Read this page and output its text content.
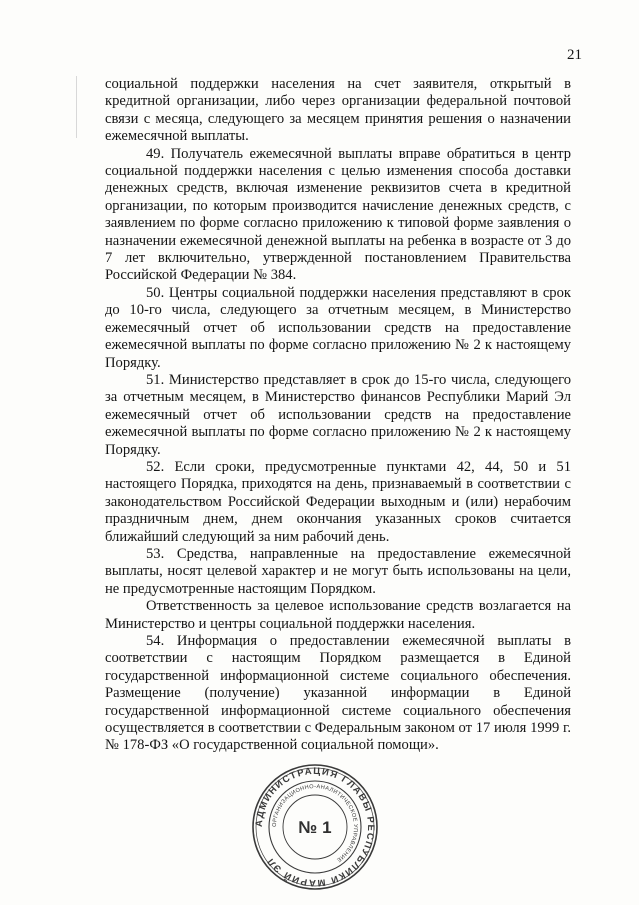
21

социальной поддержки населения на счет заявителя, открытый в кредитной организации, либо через организации федеральной почтовой связи с месяца, следующего за месяцем принятия решения о назначении ежемесячной выплаты.

49. Получатель ежемесячной выплаты вправе обратиться в центр социальной поддержки населения с целью изменения способа доставки денежных средств, включая изменение реквизитов счета в кредитной организации, по которым производится начисление денежных средств, с заявлением по форме согласно приложению к типовой форме заявления о назначении ежемесячной денежной выплаты на ребенка в возрасте от 3 до 7 лет включительно, утвержденной постановлением Правительства Российской Федерации № 384.

50. Центры социальной поддержки населения представляют в срок до 10-го числа, следующего за отчетным месяцем, в Министерство ежемесячный отчет об использовании средств на предоставление ежемесячной выплаты по форме согласно приложению № 2 к настоящему Порядку.

51. Министерство представляет в срок до 15-го числа, следующего за отчетным месяцем, в Министерство финансов Республики Марий Эл ежемесячный отчет об использовании средств на предоставление ежемесячной выплаты по форме согласно приложению № 2 к настоящему Порядку.

52. Если сроки, предусмотренные пунктами 42, 44, 50 и 51 настоящего Порядка, приходятся на день, признаваемый в соответствии с законодательством Российской Федерации выходным и (или) нерабочим праздничным днем, днем окончания указанных сроков считается ближайший следующий за ним рабочий день.

53. Средства, направленные на предоставление ежемесячной выплаты, носят целевой характер и не могут быть использованы на цели, не предусмотренные настоящим Порядком.

Ответственность за целевое использование средств возлагается на Министерство и центры социальной поддержки населения.

54. Информация о предоставлении ежемесячной выплаты в соответствии с настоящим Порядком размещается в Единой государственной информационной системе социального обеспечения. Размещение (получение) указанной информации в Единой государственной информационной системе социального обеспечения осуществляется в соответствии с Федеральным законом от 17 июля 1999 г. № 178-ФЗ «О государственной социальной помощи».

АДМИНИСТРАЦИЯ ГЛАВЫ РЕСПУБЛИКИ МАРИЙ ЭЛ
ОРГАНИЗАЦИОННО-АНАЛИТИЧЕСКОЕ УПРАВЛЕНИЕ
№ 1
